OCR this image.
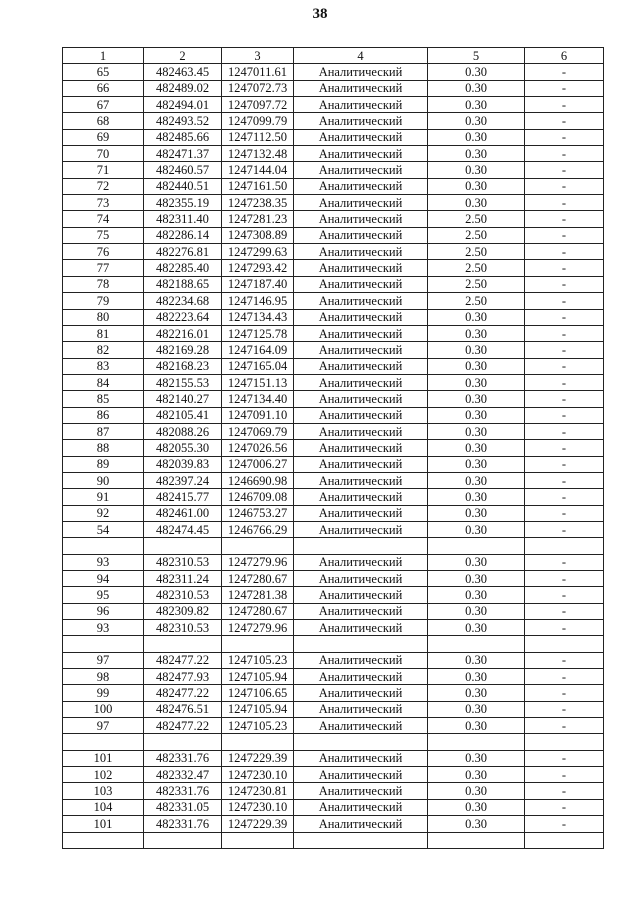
38
1	2	3	4	5	6
65	482463.45	1247011.61	Аналитический	0.30	-
66	482489.02	1247072.73	Аналитический	0.30	-
67	482494.01	1247097.72	Аналитический	0.30	-
68	482493.52	1247099.79	Аналитический	0.30	-
69	482485.66	1247112.50	Аналитический	0.30	-
70	482471.37	1247132.48	Аналитический	0.30	-
71	482460.57	1247144.04	Аналитический	0.30	-
72	482440.51	1247161.50	Аналитический	0.30	-
73	482355.19	1247238.35	Аналитический	0.30	-
74	482311.40	1247281.23	Аналитический	2.50	-
75	482286.14	1247308.89	Аналитический	2.50	-
76	482276.81	1247299.63	Аналитический	2.50	-
77	482285.40	1247293.42	Аналитический	2.50	-
78	482188.65	1247187.40	Аналитический	2.50	-
79	482234.68	1247146.95	Аналитический	2.50	-
80	482223.64	1247134.43	Аналитический	0.30	-
81	482216.01	1247125.78	Аналитический	0.30	-
82	482169.28	1247164.09	Аналитический	0.30	-
83	482168.23	1247165.04	Аналитический	0.30	-
84	482155.53	1247151.13	Аналитический	0.30	-
85	482140.27	1247134.40	Аналитический	0.30	-
86	482105.41	1247091.10	Аналитический	0.30	-
87	482088.26	1247069.79	Аналитический	0.30	-
88	482055.30	1247026.56	Аналитический	0.30	-
89	482039.83	1247006.27	Аналитический	0.30	-
90	482397.24	1246690.98	Аналитический	0.30	-
91	482415.77	1246709.08	Аналитический	0.30	-
92	482461.00	1246753.27	Аналитический	0.30	-
54	482474.45	1246766.29	Аналитический	0.30	-

93	482310.53	1247279.96	Аналитический	0.30	-
94	482311.24	1247280.67	Аналитический	0.30	-
95	482310.53	1247281.38	Аналитический	0.30	-
96	482309.82	1247280.67	Аналитический	0.30	-
93	482310.53	1247279.96	Аналитический	0.30	-

97	482477.22	1247105.23	Аналитический	0.30	-
98	482477.93	1247105.94	Аналитический	0.30	-
99	482477.22	1247106.65	Аналитический	0.30	-
100	482476.51	1247105.94	Аналитический	0.30	-
97	482477.22	1247105.23	Аналитический	0.30	-

101	482331.76	1247229.39	Аналитический	0.30	-
102	482332.47	1247230.10	Аналитический	0.30	-
103	482331.76	1247230.81	Аналитический	0.30	-
104	482331.05	1247230.10	Аналитический	0.30	-
101	482331.76	1247229.39	Аналитический	0.30	-
